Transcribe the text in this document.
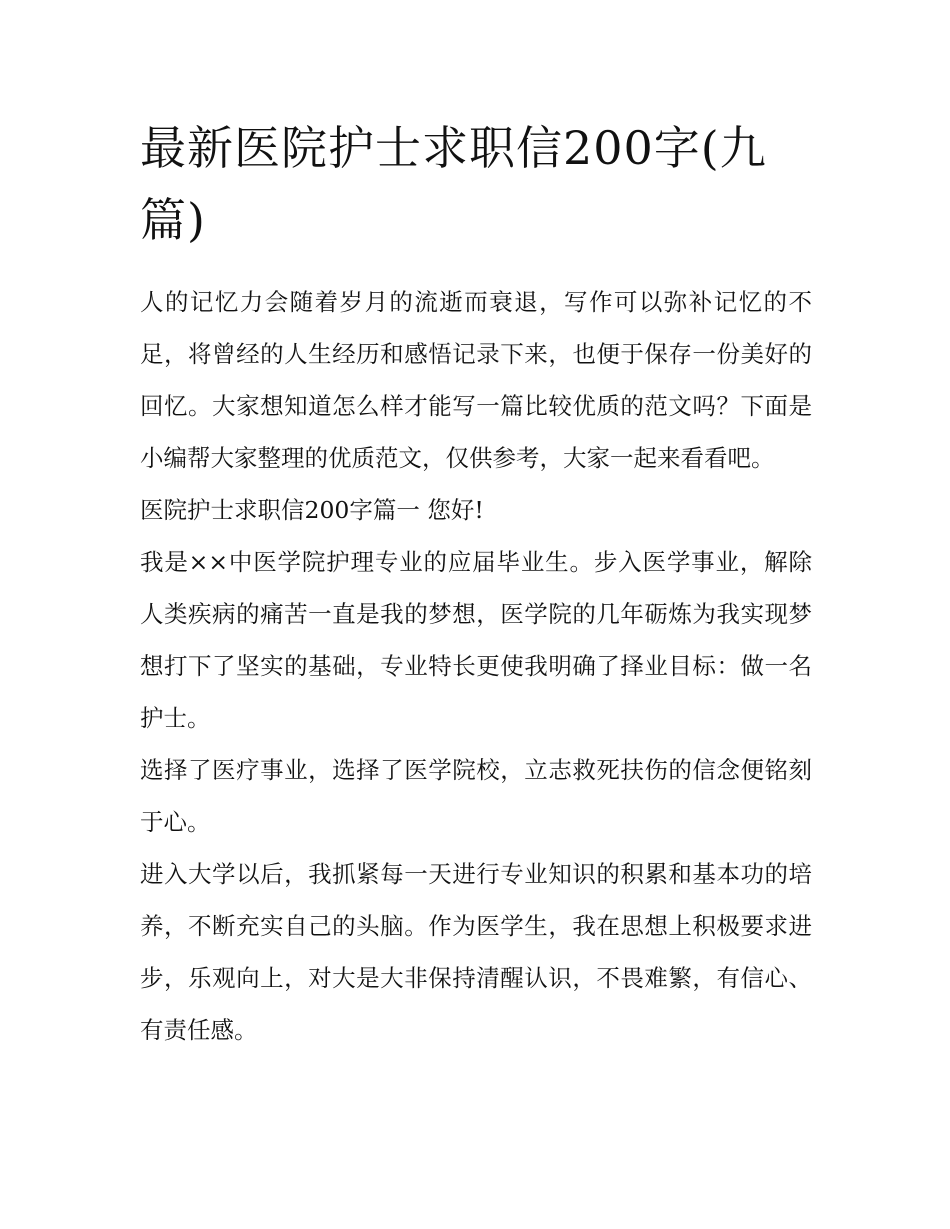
最新医院护士求职信200字(九篇)

人的记忆力会随着岁月的流逝而衰退，写作可以弥补记忆的不足，将曾经的人生经历和感悟记录下来，也便于保存一份美好的回忆。大家想知道怎么样才能写一篇比较优质的范文吗？下面是小编帮大家整理的优质范文，仅供参考，大家一起来看看吧。

医院护士求职信200字篇一 您好!

我是××中医学院护理专业的应届毕业生。步入医学事业，解除人类疾病的痛苦一直是我的梦想，医学院的几年砺炼为我实现梦想打下了坚实的基础，专业特长更使我明确了择业目标：做一名护士。

选择了医疗事业，选择了医学院校，立志救死扶伤的信念便铭刻于心。

进入大学以后，我抓紧每一天进行专业知识的积累和基本功的培养，不断充实自己的头脑。作为医学生，我在思想上积极要求进步，乐观向上，对大是大非保持清醒认识，不畏难繁，有信心、有责任感。
